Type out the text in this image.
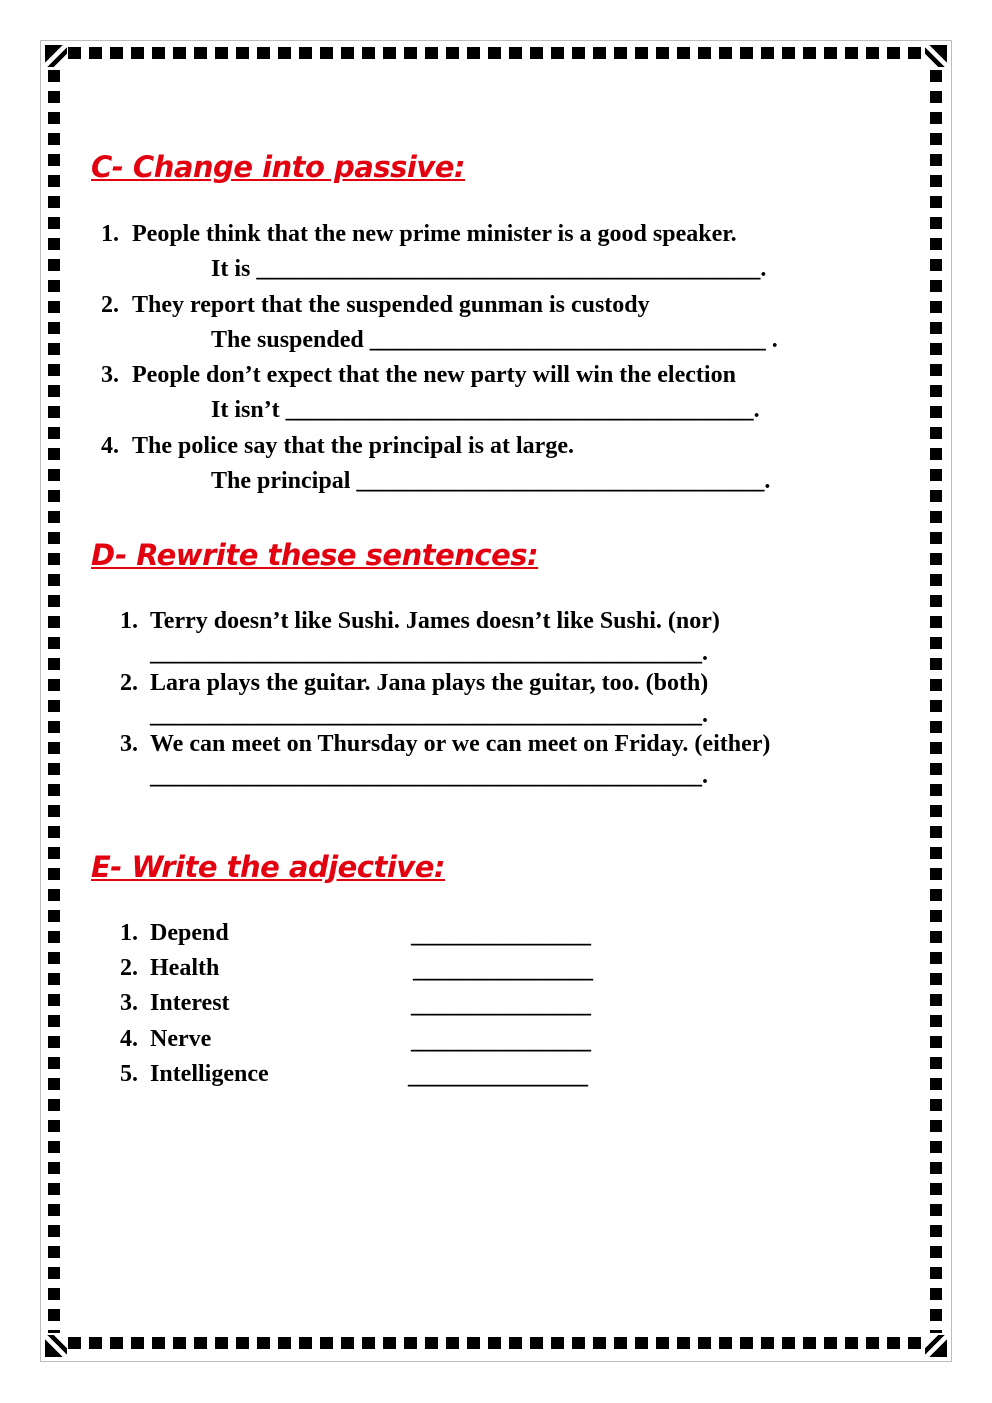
C- Change into passive:
1. People think that the new prime minister is a good speaker.
It is __________________________________________.
2. They report that the suspended gunman is custody
The suspended _________________________________ .
3. People don’t expect that the new party will win the election
It isn’t _______________________________________.
4. The police say that the principal is at large.
The principal __________________________________.
D- Rewrite these sentences:
1. Terry doesn’t like Sushi. James doesn’t like Sushi. (nor)
______________________________________________.
2. Lara plays the guitar. Jana plays the guitar, too. (both)
______________________________________________.
3. We can meet on Thursday or we can meet on Friday. (either)
______________________________________________.
E- Write the adjective:
1. Depend	_______________
2. Health	_______________
3. Interest	_______________
4. Nerve	_______________
5. Intelligence	_______________
